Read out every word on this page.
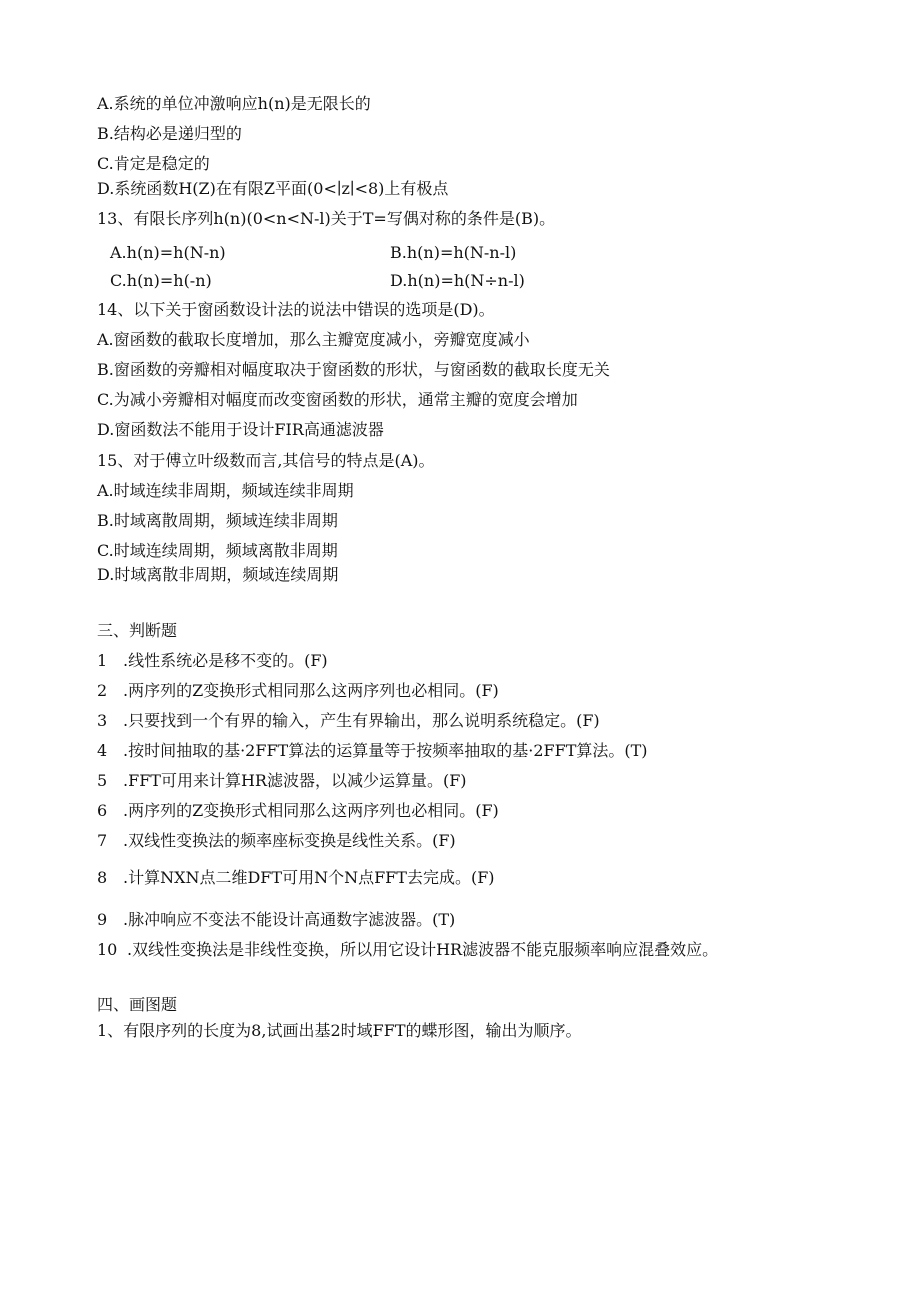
A.系统的单位冲激响应h(n)是无限长的
B.结构必是递归型的
C.肯定是稳定的
D.系统函数H(Z)在有限Z平面(0<∣z∣<8)上有极点
13、有限长序列h(n)(0<n<N-l)关于T=写偶对称的条件是(B)。
A.h(n)=h(N-n)	B.h(n)=h(N-n-l)
C.h(n)=h(-n)	D.h(n)=h(N÷n-l)
14、以下关于窗函数设计法的说法中错误的选项是(D)。
A.窗函数的截取长度增加，那么主瓣宽度减小，旁瓣宽度减小
B.窗函数的旁瓣相对幅度取决于窗函数的形状，与窗函数的截取长度无关
C.为减小旁瓣相对幅度而改变窗函数的形状，通常主瓣的宽度会增加
D.窗函数法不能用于设计FIR高通滤波器
15、对于傅立叶级数而言,其信号的特点是(A)。
A.时域连续非周期，频域连续非周期
B.时域离散周期，频域连续非周期
C.时域连续周期，频域离散非周期
D.时域离散非周期，频域连续周期
三、判断题
1 .线性系统必是移不变的。(F)
2 .两序列的Z变换形式相同那么这两序列也必相同。(F)
3 .只要找到一个有界的输入，产生有界输出，那么说明系统稳定。(F)
4 .按时间抽取的基·2FFT算法的运算量等于按频率抽取的基·2FFT算法。(T)
5 .FFT可用来计算HR滤波器，以减少运算量。(F)
6 .两序列的Z变换形式相同那么这两序列也必相同。(F)
7 .双线性变换法的频率座标变换是线性关系。(F)
8 .计算NXN点二维DFT可用N个N点FFT去完成。(F)
9 .脉冲响应不变法不能设计高通数字滤波器。(T)
10 .双线性变换法是非线性变换，所以用它设计HR滤波器不能克服频率响应混叠效应。
四、画图题
1、有限序列的长度为8,试画出基2时域FFT的蝶形图，输出为顺序。
